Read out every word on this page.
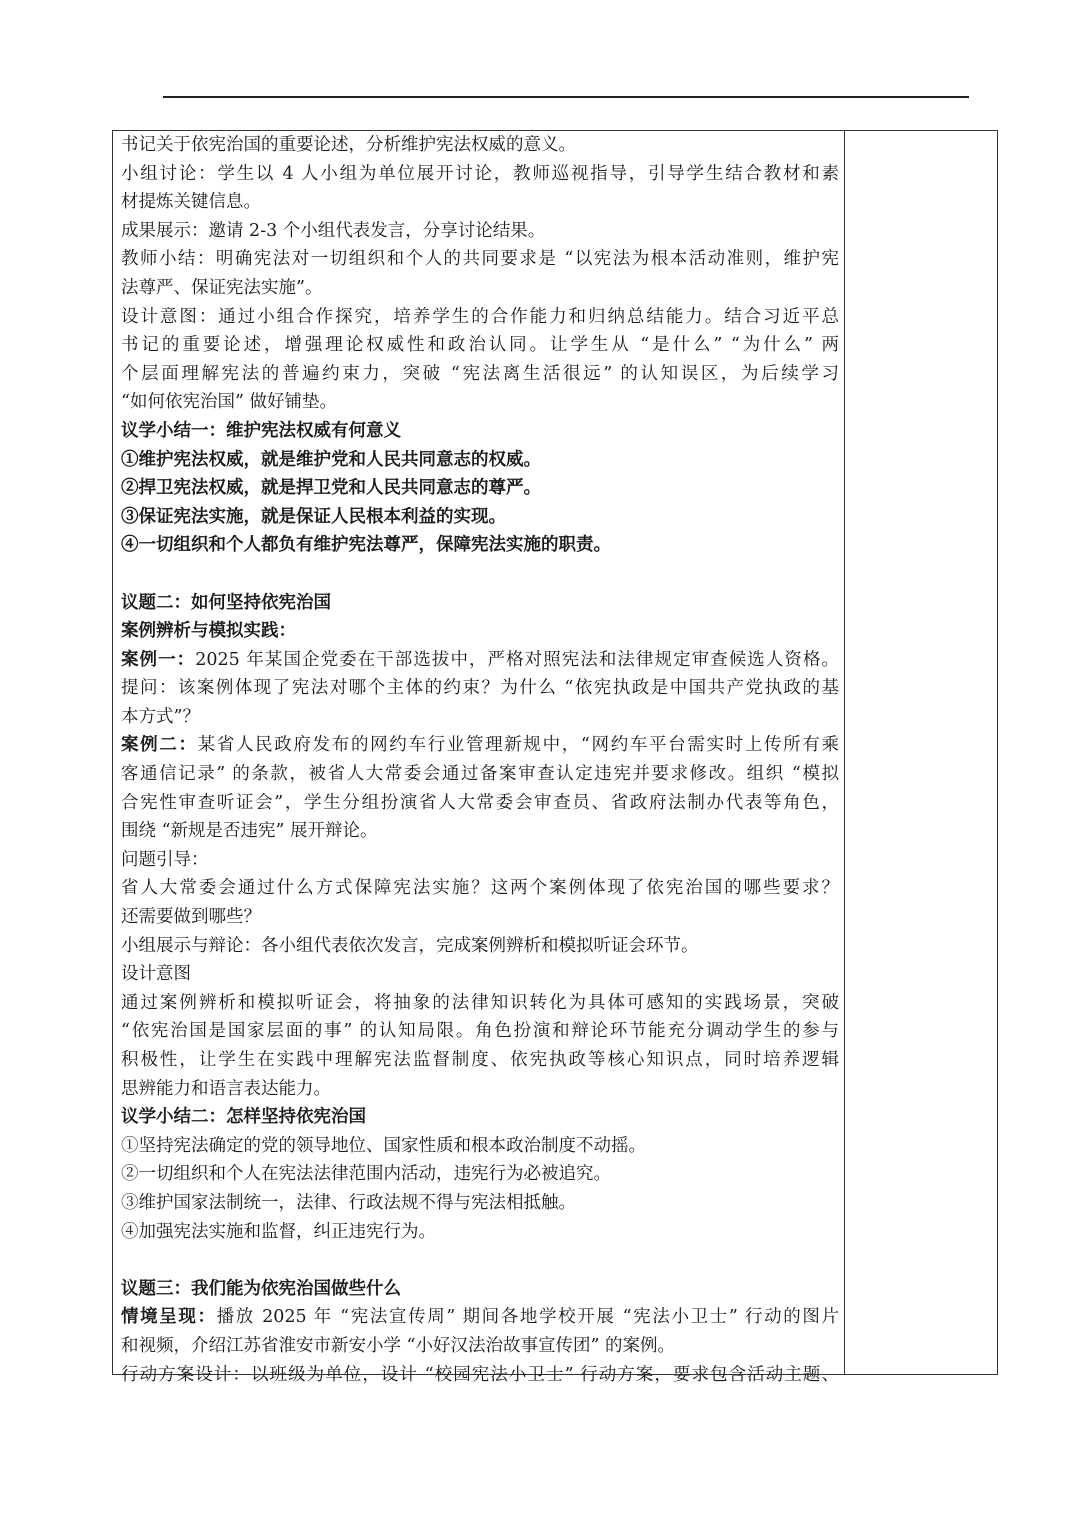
书记关于依宪治国的重要论述，分析维护宪法权威的意义。
小组讨论：学生以 4 人小组为单位展开讨论，教师巡视指导，引导学生结合教材和素
材提炼关键信息。
成果展示：邀请 2-3 个小组代表发言，分享讨论结果。
教师小结：明确宪法对一切组织和个人的共同要求是 “以宪法为根本活动准则，维护宪
法尊严、保证宪法实施”。
设计意图：通过小组合作探究，培养学生的合作能力和归纳总结能力。结合习近平总
书记的重要论述，增强理论权威性和政治认同。让学生从 “是什么” “为什么” 两
个层面理解宪法的普遍约束力，突破 “宪法离生活很远” 的认知误区，为后续学习
“如何依宪治国” 做好铺垫。
议学小结一：维护宪法权威有何意义
①维护宪法权威，就是维护党和人民共同意志的权威。
②捍卫宪法权威，就是捍卫党和人民共同意志的尊严。
③保证宪法实施，就是保证人民根本利益的实现。
④一切组织和个人都负有维护宪法尊严，保障宪法实施的职责。
议题二：如何坚持依宪治国
案例辨析与模拟实践：
案例一：2025 年某国企党委在干部选拔中，严格对照宪法和法律规定审查候选人资格。
提问：该案例体现了宪法对哪个主体的约束？为什么 “依宪执政是中国共产党执政的基
本方式”？
案例二：某省人民政府发布的网约车行业管理新规中，“网约车平台需实时上传所有乘
客通信记录” 的条款，被省人大常委会通过备案审查认定违宪并要求修改。组织 “模拟
合宪性审查听证会”，学生分组扮演省人大常委会审查员、省政府法制办代表等角色，
围绕 “新规是否违宪” 展开辩论。
问题引导：
省人大常委会通过什么方式保障宪法实施？这两个案例体现了依宪治国的哪些要求？
还需要做到哪些？
小组展示与辩论：各小组代表依次发言，完成案例辨析和模拟听证会环节。
设计意图
通过案例辨析和模拟听证会，将抽象的法律知识转化为具体可感知的实践场景，突破
“依宪治国是国家层面的事” 的认知局限。角色扮演和辩论环节能充分调动学生的参与
积极性，让学生在实践中理解宪法监督制度、依宪执政等核心知识点，同时培养逻辑
思辨能力和语言表达能力。
议学小结二：怎样坚持依宪治国
①坚持宪法确定的党的领导地位、国家性质和根本政治制度不动摇。
②一切组织和个人在宪法法律范围内活动，违宪行为必被追究。
③维护国家法制统一，法律、行政法规不得与宪法相抵触。
④加强宪法实施和监督，纠正违宪行为。
议题三：我们能为依宪治国做些什么
情境呈现：播放 2025 年 “宪法宣传周” 期间各地学校开展 “宪法小卫士” 行动的图片
和视频，介绍江苏省淮安市新安小学 “小好汉法治故事宣传团” 的案例。
行动方案设计：以班级为单位，设计 “校园宪法小卫士” 行动方案，要求包含活动主题、
